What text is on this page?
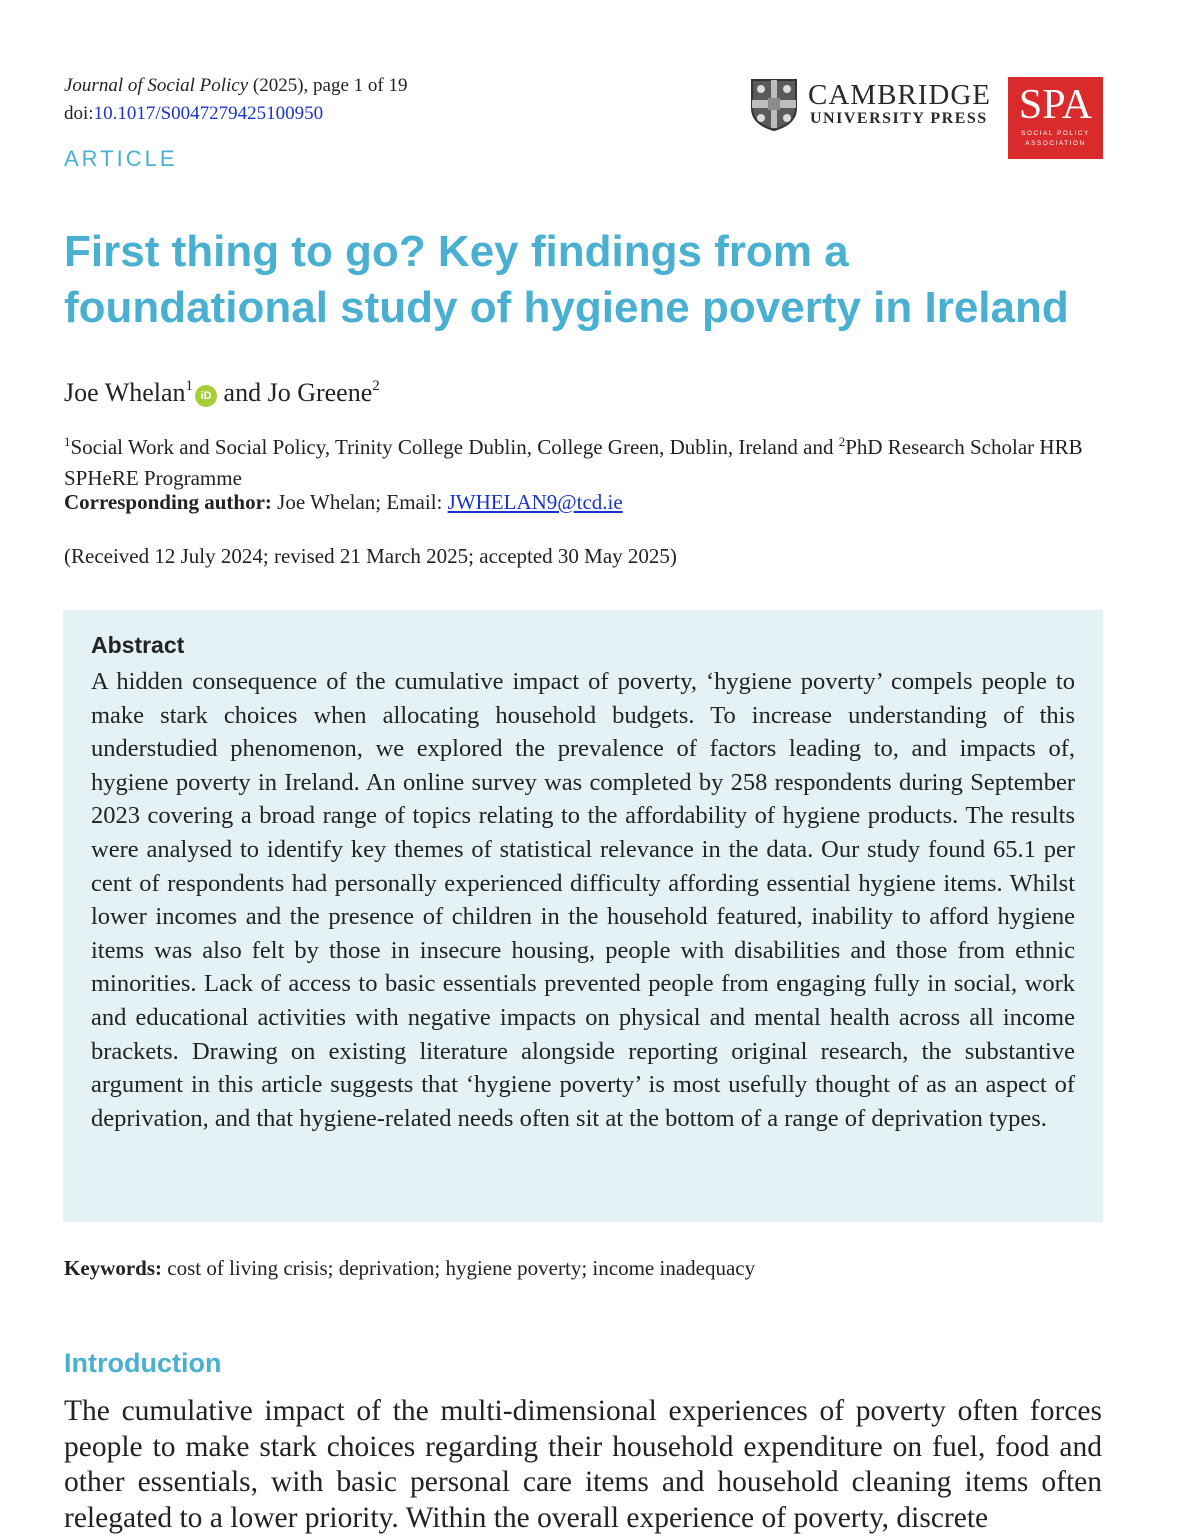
Journal of Social Policy (2025), page 1 of 19
doi:10.1017/S0047279425100950
ARTICLE
CAMBRIDGE
UNIVERSITY PRESS SPA
SOCIAL POLICY
ASSOCIATION
First thing to go? Key findings from a foundational study of hygiene poverty in Ireland
Joe Whelan$^1$iD and Jo Greene$^2$
$^1$Social Work and Social Policy, Trinity College Dublin, College Green, Dublin, Ireland and $^2$PhD Research Scholar HRB SPHeRE Programme
Corresponding author: Joe Whelan; Email: JWHELAN9@tcd.ie
(Received 12 July 2024; revised 21 March 2025; accepted 30 May 2025)
Abstract

A hidden consequence of the cumulative impact of poverty, ‘hygiene poverty’ compels people to make stark choices when allocating household budgets. To increase understanding of this understudied phenomenon, we explored the prevalence of factors leading to, and impacts of, hygiene poverty in Ireland. An online survey was completed by 258 respondents during September 2023 covering a broad range of topics relating to the affordability of hygiene products. The results were analysed to identify key themes of statistical relevance in the data. Our study found 65.1 per cent of respondents had personally experienced difficulty affording essential hygiene items. Whilst lower incomes and the presence of children in the household featured, inability to afford hygiene items was also felt by those in insecure housing, people with disabilities and those from ethnic minorities. Lack of access to basic essentials prevented people from engaging fully in social, work and educational activities with negative impacts on physical and mental health across all income brackets. Drawing on existing literature alongside reporting original research, the substantive argument in this article suggests that ‘hygiene poverty’ is most usefully thought of as an aspect of deprivation, and that hygiene-related needs often sit at the bottom of a range of deprivation types.

Keywords: cost of living crisis; deprivation; hygiene poverty; income inadequacy
Introduction

The cumulative impact of the multi-dimensional experiences of poverty often forces people to make stark choices regarding their household expenditure on fuel, food and other essentials, with basic personal care items and household cleaning items often relegated to a lower priority. Within the overall experience of poverty, discrete
